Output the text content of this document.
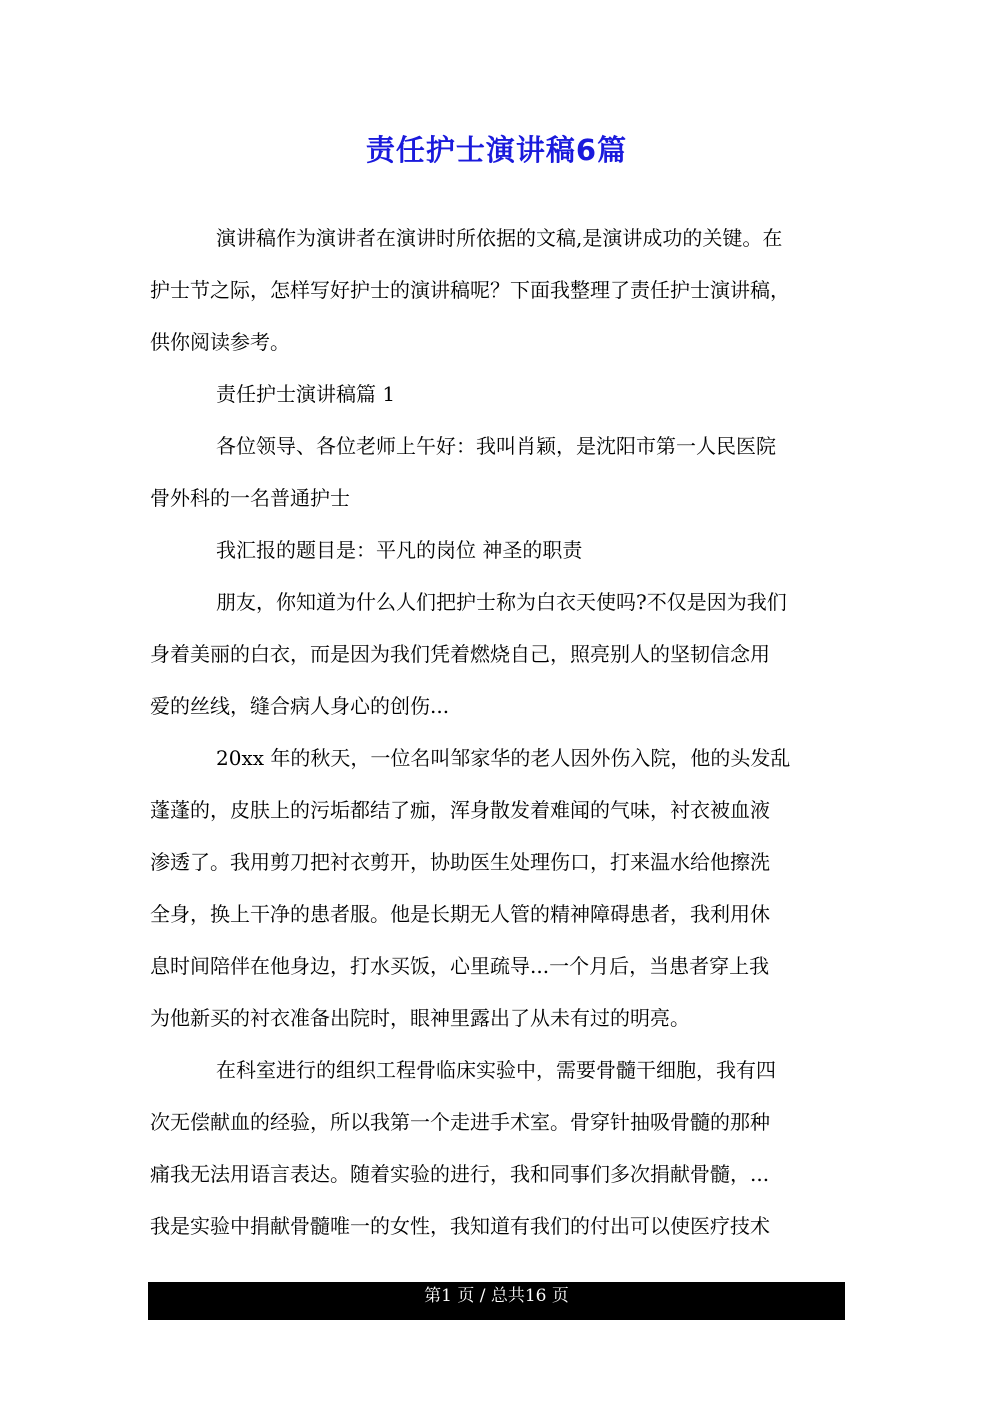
责任护士演讲稿6篇
演讲稿作为演讲者在演讲时所依据的文稿,是演讲成功的关键。在
护士节之际，怎样写好护士的演讲稿呢？下面我整理了责任护士演讲稿，
供你阅读参考。
责任护士演讲稿篇 1
各位领导、各位老师上午好：我叫肖颖，是沈阳市第一人民医院
骨外科的一名普通护士
我汇报的题目是：平凡的岗位 神圣的职责
朋友，你知道为什么人们把护士称为白衣天使吗?不仅是因为我们
身着美丽的白衣，而是因为我们凭着燃烧自己，照亮别人的坚韧信念用
爱的丝线，缝合病人身心的创伤...
20xx 年的秋天，一位名叫邹家华的老人因外伤入院，他的头发乱
蓬蓬的，皮肤上的污垢都结了痂，浑身散发着难闻的气味，衬衣被血液
渗透了。我用剪刀把衬衣剪开，协助医生处理伤口，打来温水给他擦洗
全身，换上干净的患者服。他是长期无人管的精神障碍患者，我利用休
息时间陪伴在他身边，打水买饭，心里疏导...一个月后，当患者穿上我
为他新买的衬衣准备出院时，眼神里露出了从未有过的明亮。
在科室进行的组织工程骨临床实验中，需要骨髓干细胞，我有四
次无偿献血的经验，所以我第一个走进手术室。骨穿针抽吸骨髓的那种
痛我无法用语言表达。随着实验的进行，我和同事们多次捐献骨髓，...
我是实验中捐献骨髓唯一的女性，我知道有我们的付出可以使医疗技术
第1 页 / 总共16 页
